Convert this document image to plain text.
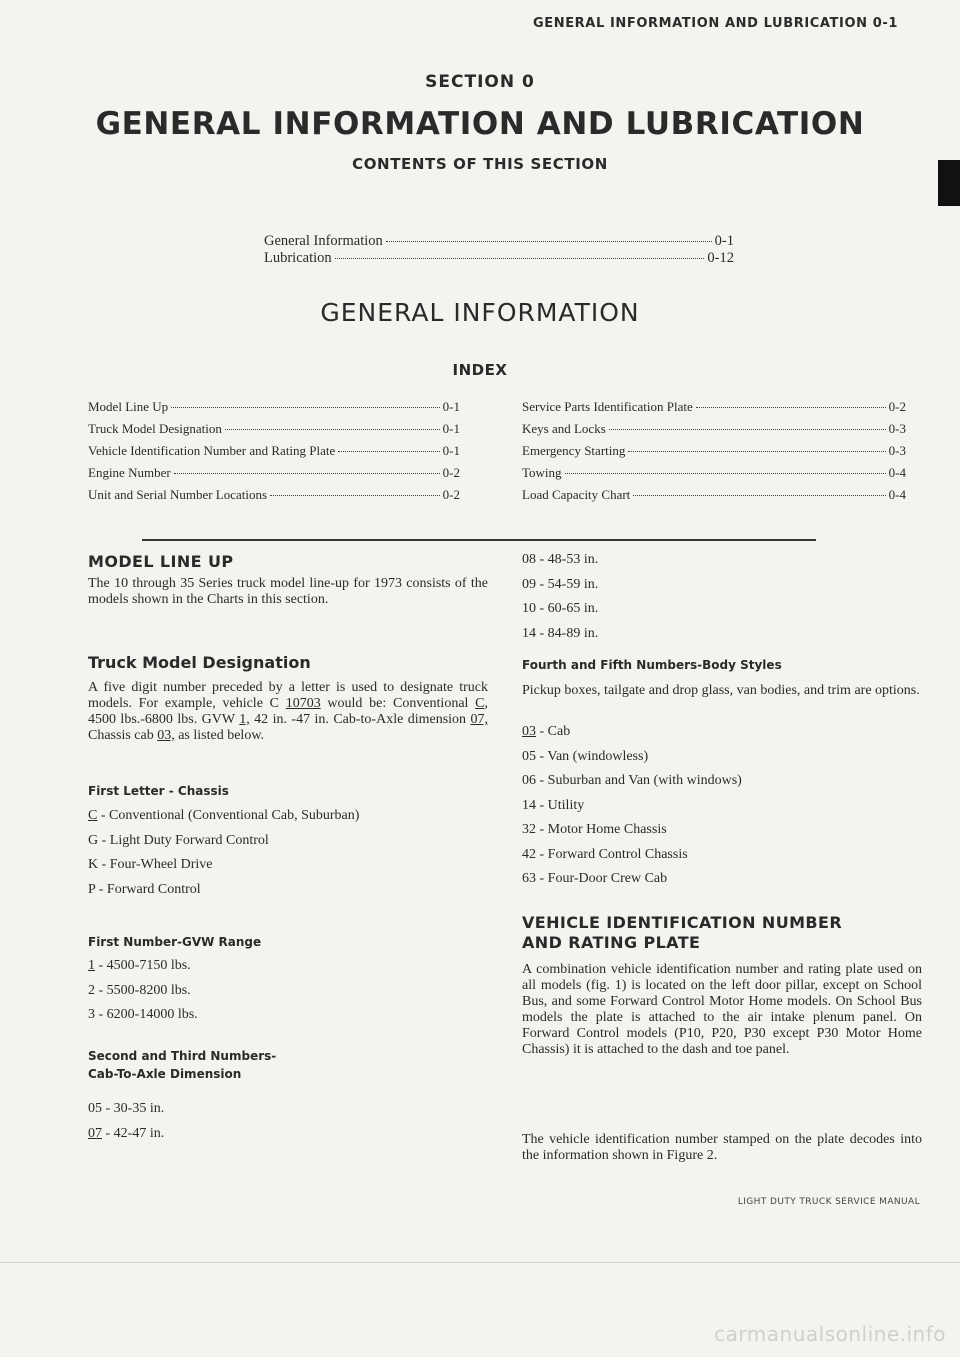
GENERAL INFORMATION AND LUBRICATION 0-1
SECTION 0
GENERAL INFORMATION AND LUBRICATION
CONTENTS OF THIS SECTION
General Information	0-1
Lubrication	0-12
GENERAL INFORMATION
INDEX
Model Line Up	0-1
Truck Model Designation	0-1
Vehicle Identification Number and Rating Plate	0-1
Engine Number	0-2
Unit and Serial Number Locations	0-2
Service Parts Identification Plate	0-2
Keys and Locks	0-3
Emergency Starting	0-3
Towing	0-4
Load Capacity Chart	0-4
MODEL LINE UP
The 10 through 35 Series truck model line-up for 1973 consists of the models shown in the Charts in this section.
Truck Model Designation
A five digit number preceded by a letter is used to designate truck models. For example, vehicle C 10703 would be: Conventional C, 4500 lbs.-6800 lbs. GVW 1, 42 in. -47 in. Cab-to-Axle dimension 07, Chassis cab 03, as listed below.
First Letter - Chassis
C - Conventional (Conventional Cab, Suburban)
G - Light Duty Forward Control
K - Four-Wheel Drive
P - Forward Control
First Number-GVW Range
1 - 4500-7150 lbs.
2 - 5500-8200 lbs.
3 - 6200-14000 lbs.
Second and Third Numbers-
Cab-To-Axle Dimension
05 - 30-35 in.
07 - 42-47 in.
08 - 48-53 in.
09 - 54-59 in.
10 - 60-65 in.
14 - 84-89 in.
Fourth and Fifth Numbers-Body Styles
Pickup boxes, tailgate and drop glass, van bodies, and trim are options.
03 - Cab
05 - Van (windowless)
06 - Suburban and Van (with windows)
14 - Utility
32 - Motor Home Chassis
42 - Forward Control Chassis
63 - Four-Door Crew Cab
VEHICLE IDENTIFICATION NUMBER
AND RATING PLATE
A combination vehicle identification number and rating plate used on all models (fig. 1) is located on the left door pillar, except on School Bus, and some Forward Control Motor Home models. On School Bus models the plate is attached to the air intake plenum panel. On Forward Control models (P10, P20, P30 except P30 Motor Home Chassis) it is attached to the dash and toe panel.
The vehicle identification number stamped on the plate decodes into the information shown in Figure 2.
LIGHT DUTY TRUCK SERVICE MANUAL
carmanualsonline.info
